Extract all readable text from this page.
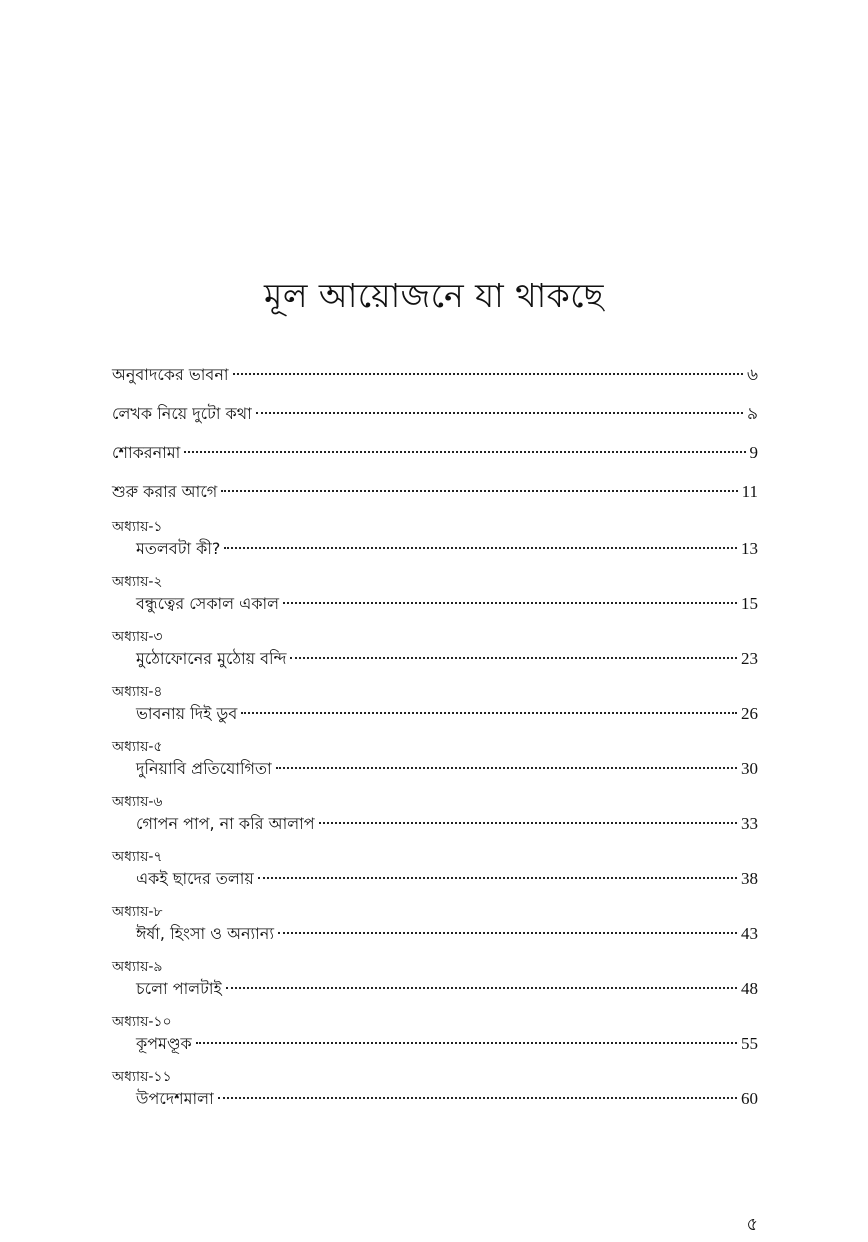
মূল আয়োজনে যা থাকছে
অনুবাদকের ভাবনা	৬
লেখক নিয়ে দুটো কথা	৯
শোকরনামা	9
শুরু করার আগে	11
অধ্যায়-১
মতলবটা কী?	13
অধ্যায়-২
বন্ধুত্বের সেকাল একাল	15
অধ্যায়-৩
মুঠোফোনের মুঠোয় বন্দি	23
অধ্যায়-৪
ভাবনায় দিই ডুব	26
অধ্যায়-৫
দুনিয়াবি প্রতিযোগিতা	30
অধ্যায়-৬
গোপন পাপ, না করি আলাপ	33
অধ্যায়-৭
একই ছাদের তলায়	38
অধ্যায়-৮
ঈর্ষা, হিংসা ও অন্যান্য	43
অধ্যায়-৯
চলো পালটাই	48
অধ্যায়-১০
কূপমণ্ডূক	55
অধ্যায়-১১
উপদেশমালা	60
৫
